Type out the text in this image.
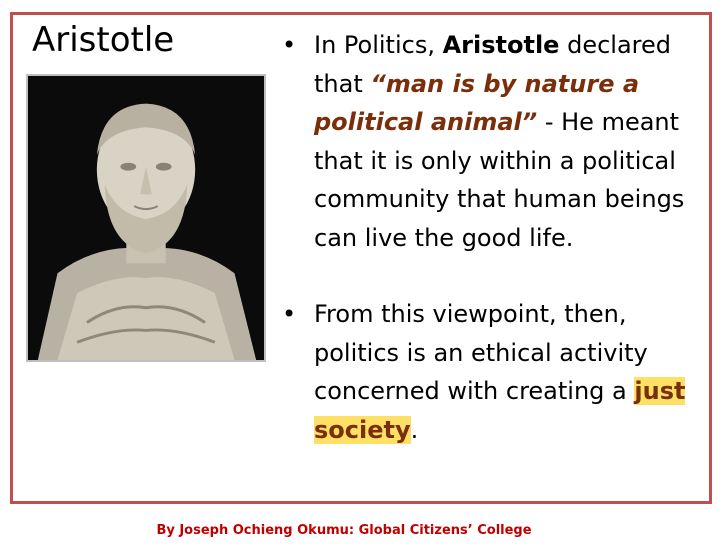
Aristotle	• In Politics, Aristotle declared that “man is by nature a political animal” - He meant that it is only within a political community that human beings can live the good life.
• From this viewpoint, then, politics is an ethical activity concerned with creating a just society.
By Joseph Ochieng Okumu: Global Citizens’ College
